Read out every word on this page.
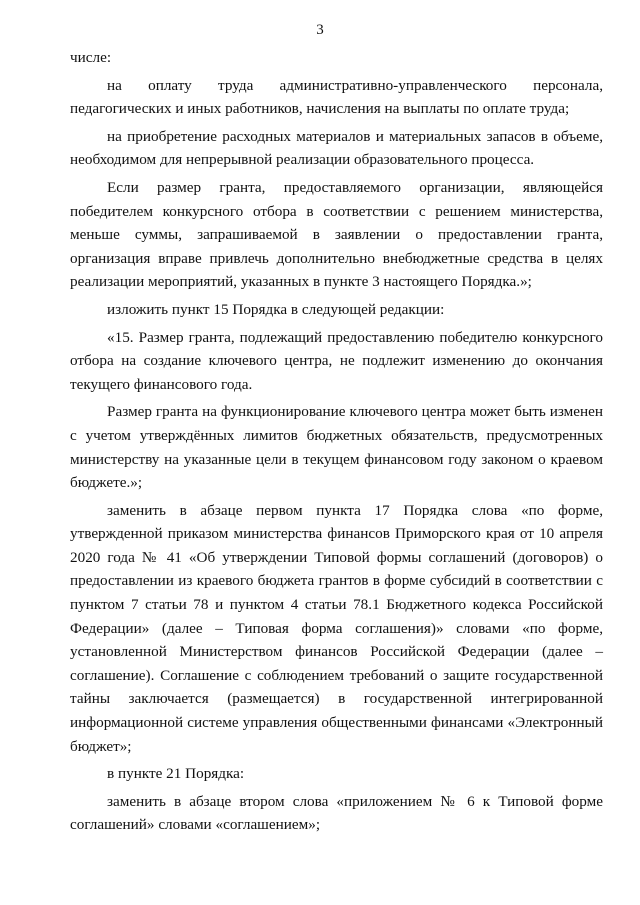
3

числе:

на оплату труда административно-управленческого персонала, педагогических и иных работников, начисления на выплаты по оплате труда;

на приобретение расходных материалов и материальных запасов в объеме, необходимом для непрерывной реализации образовательного процесса.

Если размер гранта, предоставляемого организации, являющейся победителем конкурсного отбора в соответствии с решением министерства, меньше суммы, запрашиваемой в заявлении о предоставлении гранта, организация вправе привлечь дополнительно внебюджетные средства в целях реализации мероприятий, указанных в пункте 3 настоящего Порядка.»;

изложить пункт 15 Порядка в следующей редакции:

«15. Размер гранта, подлежащий предоставлению победителю конкурсного отбора на создание ключевого центра, не подлежит изменению до окончания текущего финансового года.

Размер гранта на функционирование ключевого центра может быть изменен с учетом утверждённых лимитов бюджетных обязательств, предусмотренных министерству на указанные цели в текущем финансовом году законом о краевом бюджете.»;

заменить в абзаце первом пункта 17 Порядка слова «по форме, утвержденной приказом министерства финансов Приморского края от 10 апреля 2020 года № 41 «Об утверждении Типовой формы соглашений (договоров) о предоставлении из краевого бюджета грантов в форме субсидий в соответствии с пунктом 7 статьи 78 и пунктом 4 статьи 78.1 Бюджетного кодекса Российской Федерации» (далее – Типовая форма соглашения)» словами «по форме, установленной Министерством финансов Российской Федерации (далее – соглашение). Соглашение с соблюдением требований о защите государственной тайны заключается (размещается) в государственной интегрированной информационной системе управления общественными финансами «Электронный бюджет»;

в пункте 21 Порядка:

заменить в абзаце втором слова «приложением № 6 к Типовой форме соглашений» словами «соглашением»;
